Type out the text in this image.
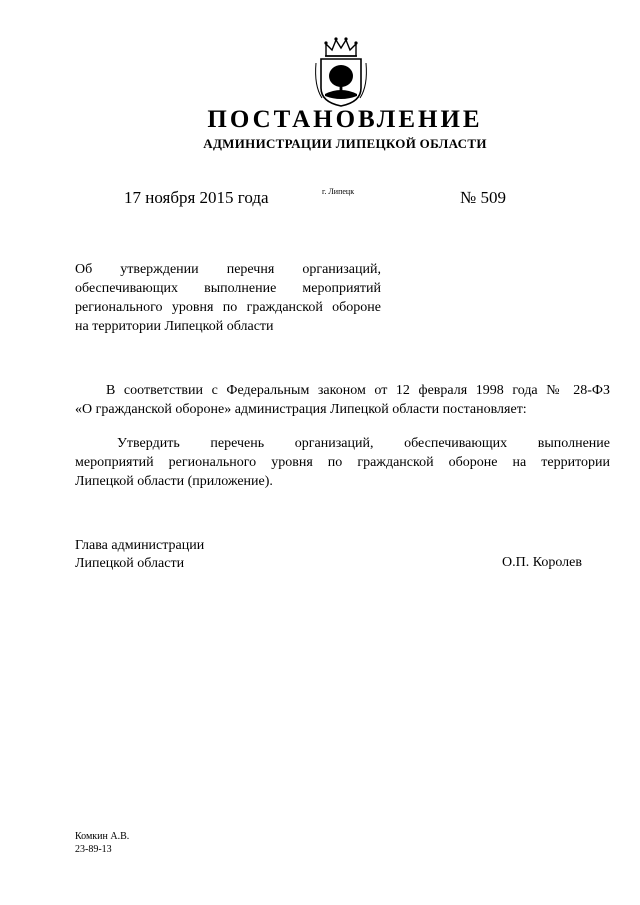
ПОСТАНОВЛЕНИЕ
АДМИНИСТРАЦИИ ЛИПЕЦКОЙ ОБЛАСТИ
17 ноября 2015 года	г. Липецк	№ 509
Об утверждении перечня организаций,
обеспечивающих выполнение мероприятий
регионального уровня по гражданской обороне
на территории Липецкой области
В соответствии с Федеральным законом от 12 февраля 1998 года № 28-ФЗ
«О гражданской обороне» администрация Липецкой области постановляет:
Утвердить перечень организаций, обеспечивающих выполнение
мероприятий регионального уровня по гражданской обороне на территории
Липецкой области (приложение).
Глава администрации
Липецкой области	О.П. Королев
Комкин А.В.
23-89-13
